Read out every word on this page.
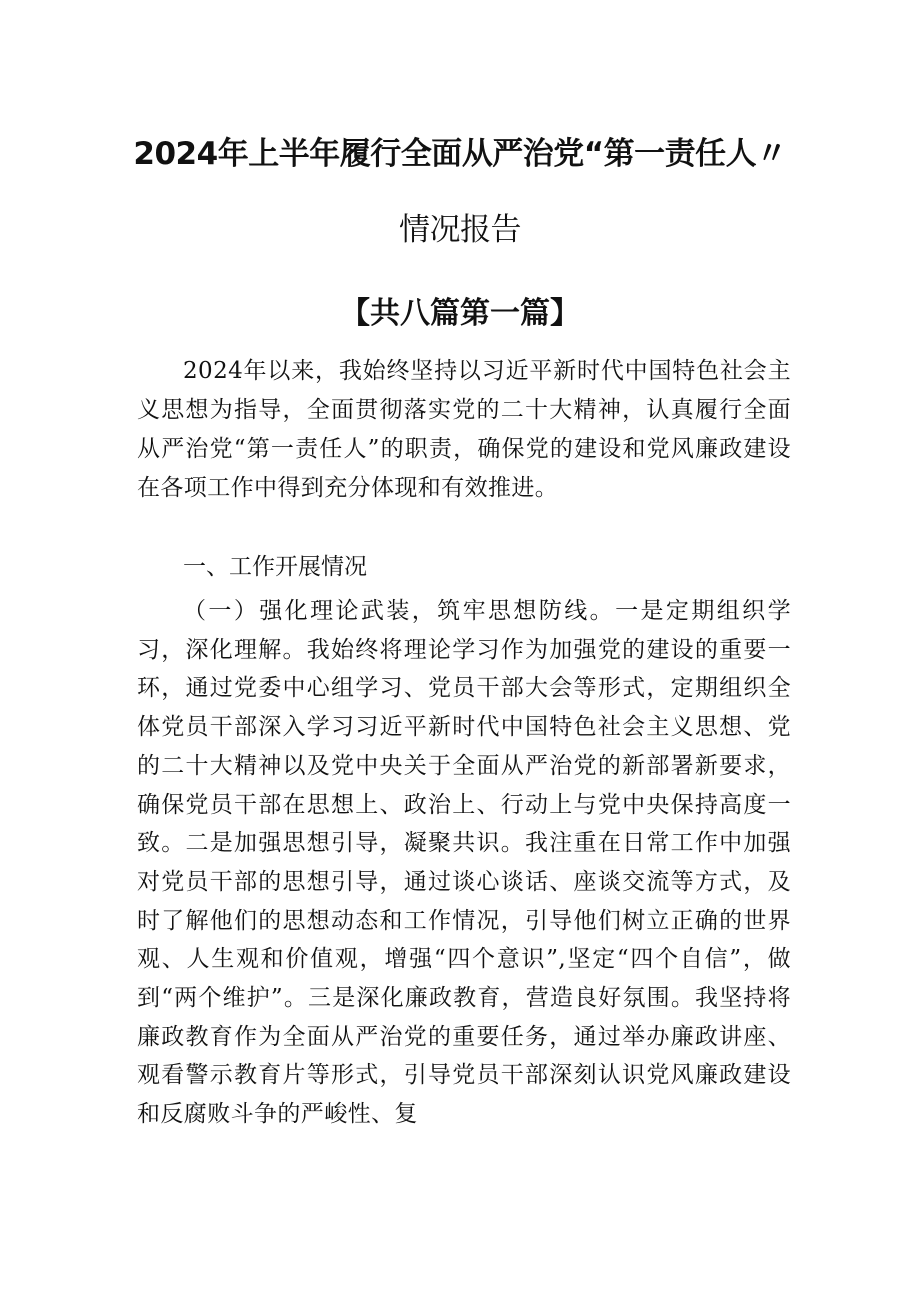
2024年上半年履行全面从严治党“第一责任人〃
情况报告
【共八篇第一篇】

2024年以来，我始终坚持以习近平新时代中国特色社会主义思想为指导，全面贯彻落实党的二十大精神，认真履行全面从严治党“第一责任人”的职责，确保党的建设和党风廉政建设在各项工作中得到充分体现和有效推进。

一、工作开展情况

（一）强化理论武装，筑牢思想防线。一是定期组织学习，深化理解。我始终将理论学习作为加强党的建设的重要一环，通过党委中心组学习、党员干部大会等形式，定期组织全体党员干部深入学习习近平新时代中国特色社会主义思想、党的二十大精神以及党中央关于全面从严治党的新部署新要求，确保党员干部在思想上、政治上、行动上与党中央保持高度一致。二是加强思想引导，凝聚共识。我注重在日常工作中加强对党员干部的思想引导，通过谈心谈话、座谈交流等方式，及时了解他们的思想动态和工作情况，引导他们树立正确的世界观、人生观和价值观，增强“四个意识”,坚定“四个自信”，做到“两个维护”。三是深化廉政教育，营造良好氛围。我坚持将廉政教育作为全面从严治党的重要任务，通过举办廉政讲座、观看警示教育片等形式，引导党员干部深刻认识党风廉政建设和反腐败斗争的严峻性、复
